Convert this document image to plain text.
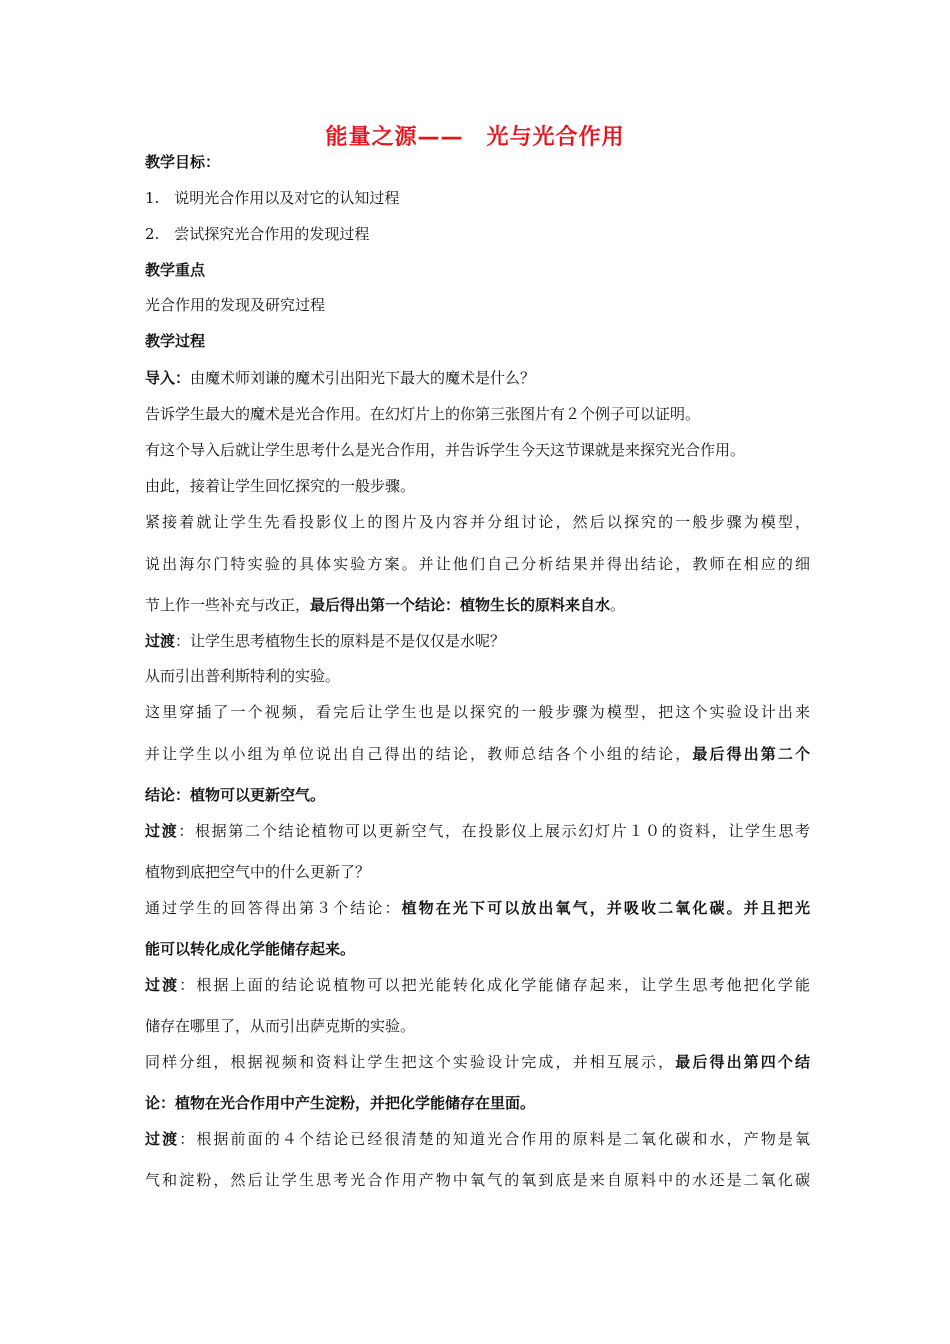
能量之源——　光与光合作用
教学目标：
1.　说明光合作用以及对它的认知过程
2.　尝试探究光合作用的发现过程
教学重点
光合作用的发现及研究过程
教学过程
导入：由魔术师刘谦的魔术引出阳光下最大的魔术是什么？
告诉学生最大的魔术是光合作用。在幻灯片上的你第三张图片有２个例子可以证明。
有这个导入后就让学生思考什么是光合作用，并告诉学生今天这节课就是来探究光合作用。
由此，接着让学生回忆探究的一般步骤。
紧接着就让学生先看投影仪上的图片及内容并分组讨论，然后以探究的一般步骤为模型，
说出海尔门特实验的具体实验方案。并让他们自己分析结果并得出结论，教师在相应的细
节上作一些补充与改正，最后得出第一个结论：植物生长的原料来自水。
过渡：让学生思考植物生长的原料是不是仅仅是水呢？
从而引出普利斯特利的实验。
这里穿插了一个视频，看完后让学生也是以探究的一般步骤为模型，把这个实验设计出来
并让学生以小组为单位说出自己得出的结论，教师总结各个小组的结论，最后得出第二个
结论：植物可以更新空气。
过渡：根据第二个结论植物可以更新空气，在投影仪上展示幻灯片１０的资料，让学生思考
植物到底把空气中的什么更新了？
通过学生的回答得出第３个结论：植物在光下可以放出氧气，并吸收二氧化碳。并且把光
能可以转化成化学能储存起来。
过渡：根据上面的结论说植物可以把光能转化成化学能储存起来，让学生思考他把化学能
储存在哪里了，从而引出萨克斯的实验。
同样分组，根据视频和资料让学生把这个实验设计完成，并相互展示，最后得出第四个结
论：植物在光合作用中产生淀粉，并把化学能储存在里面。
过渡：根据前面的４个结论已经很清楚的知道光合作用的原料是二氧化碳和水，产物是氧
气和淀粉，然后让学生思考光合作用产物中氧气的氧到底是来自原料中的水还是二氧化碳
